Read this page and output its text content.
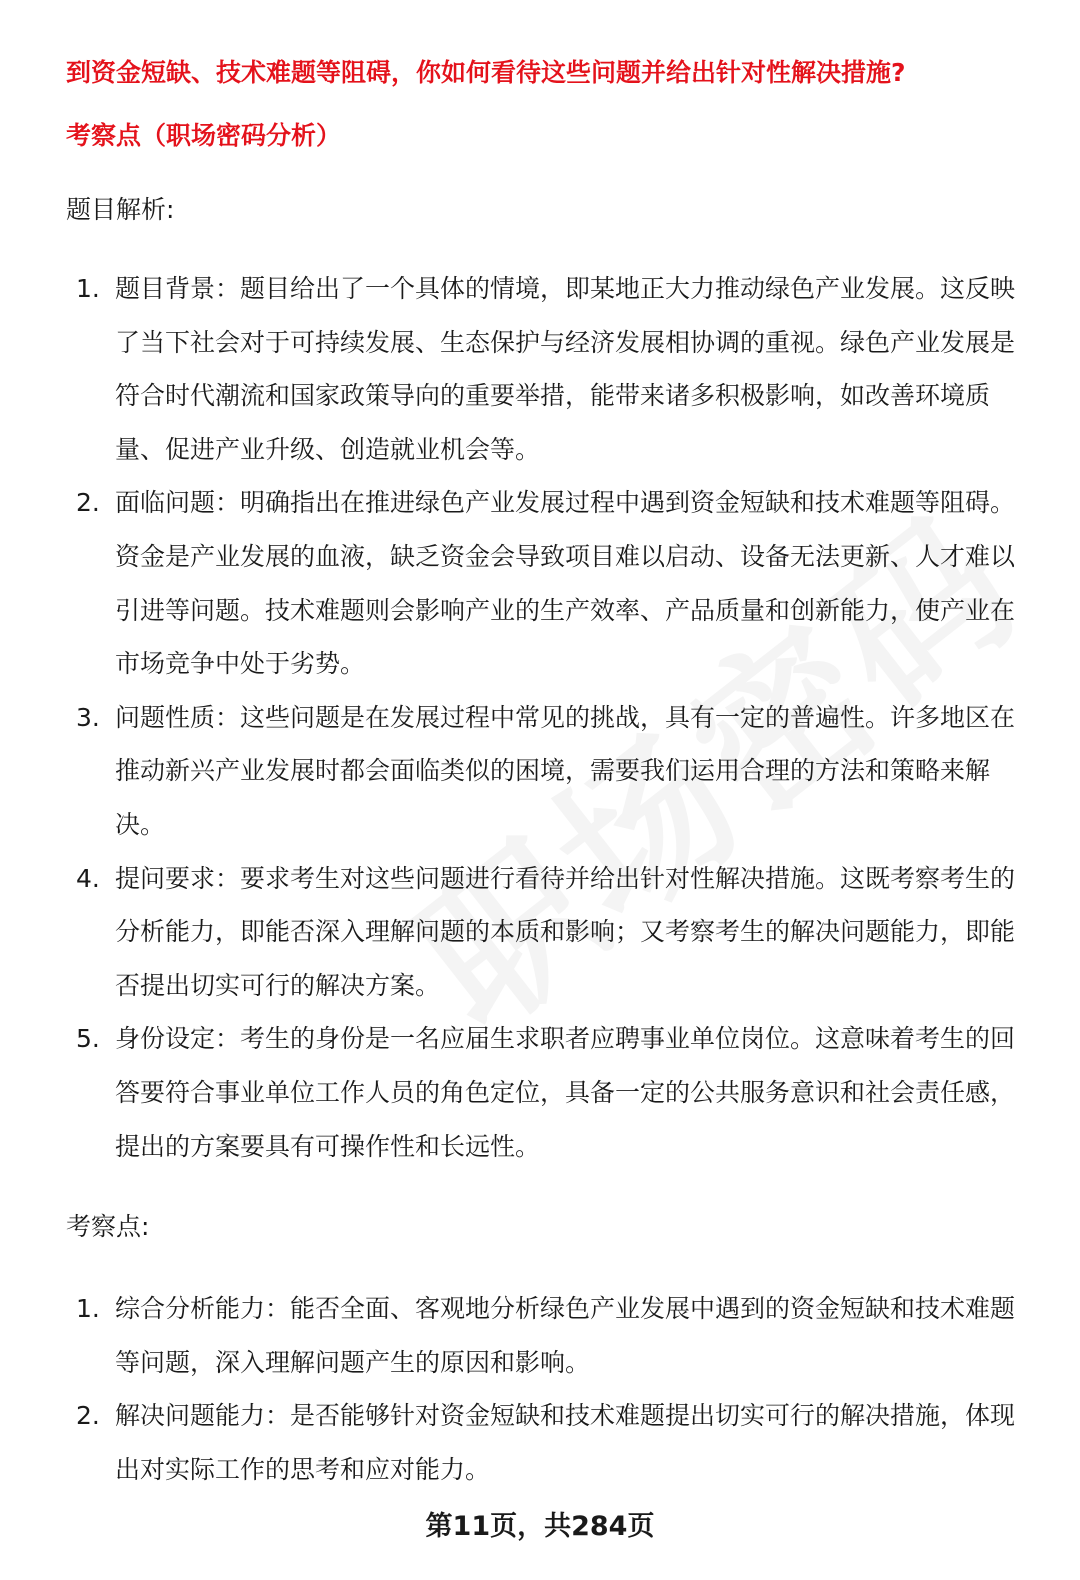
到资金短缺、技术难题等阻碍，你如何看待这些问题并给出针对性解决措施?
考察点（职场密码分析）
题目解析:
1. 题目背景：题目给出了一个具体的情境，即某地正大力推动绿色产业发展。这反映了当下社会对于可持续发展、生态保护与经济发展相协调的重视。绿色产业发展是符合时代潮流和国家政策导向的重要举措，能带来诸多积极影响，如改善环境质量、促进产业升级、创造就业机会等。
2. 面临问题：明确指出在推进绿色产业发展过程中遇到资金短缺和技术难题等阻碍。资金是产业发展的血液，缺乏资金会导致项目难以启动、设备无法更新、人才难以引进等问题。技术难题则会影响产业的生产效率、产品质量和创新能力，使产业在市场竞争中处于劣势。
3. 问题性质：这些问题是在发展过程中常见的挑战，具有一定的普遍性。许多地区在推动新兴产业发展时都会面临类似的困境，需要我们运用合理的方法和策略来解决。
4. 提问要求：要求考生对这些问题进行看待并给出针对性解决措施。这既考察考生的分析能力，即能否深入理解问题的本质和影响；又考察考生的解决问题能力，即能否提出切实可行的解决方案。
5. 身份设定：考生的身份是一名应届生求职者应聘事业单位岗位。这意味着考生的回答要符合事业单位工作人员的角色定位，具备一定的公共服务意识和社会责任感，提出的方案要具有可操作性和长远性。
考察点:
1. 综合分析能力：能否全面、客观地分析绿色产业发展中遇到的资金短缺和技术难题等问题，深入理解问题产生的原因和影响。
2. 解决问题能力：是否能够针对资金短缺和技术难题提出切实可行的解决措施，体现出对实际工作的思考和应对能力。
第11页，共284页
